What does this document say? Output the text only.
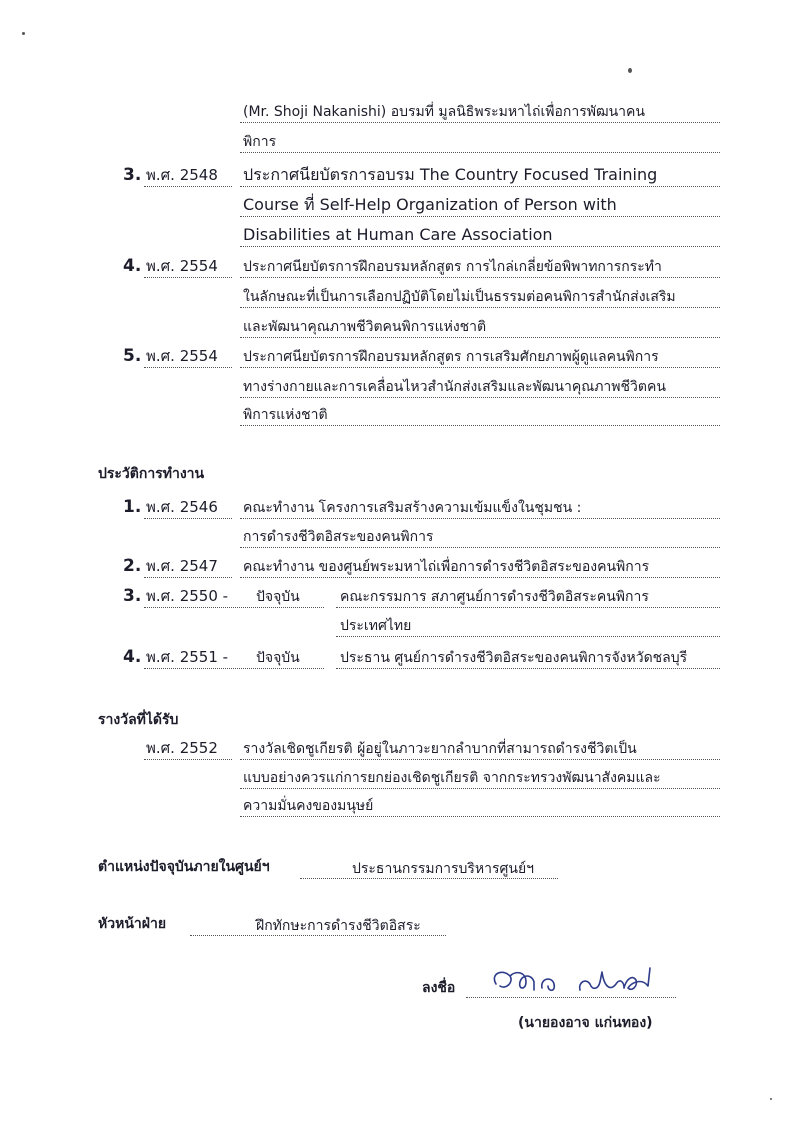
(Mr. Shoji Nakanishi) อบรมที่ มูลนิธิพระมหาไถ่เพื่อการพัฒนาคน
พิการ
3. พ.ศ. 2548 ประกาศนียบัตรการอบรม The Country Focused Training
Course ที่ Self-Help Organization of Person with
Disabilities at Human Care Association
4. พ.ศ. 2554 ประกาศนียบัตรการฝึกอบรมหลักสูตร การไกล่เกลี่ยข้อพิพาทการกระทำ
ในลักษณะที่เป็นการเลือกปฏิบัติโดยไม่เป็นธรรมต่อคนพิการสำนักส่งเสริม
และพัฒนาคุณภาพชีวิตคนพิการแห่งชาติ
5. พ.ศ. 2554 ประกาศนียบัตรการฝึกอบรมหลักสูตร การเสริมศักยภาพผู้ดูแลคนพิการ
ทางร่างกายและการเคลื่อนไหวสำนักส่งเสริมและพัฒนาคุณภาพชีวิตคน
พิการแห่งชาติ
ประวัติการทำงาน
1. พ.ศ. 2546 คณะทำงาน โครงการเสริมสร้างความเข้มแข็งในชุมชน :
การดำรงชีวิตอิสระของคนพิการ
2. พ.ศ. 2547 คณะทำงาน ของศูนย์พระมหาไถ่เพื่อการดำรงชีวิตอิสระของคนพิการ
3. พ.ศ. 2550 - ปัจจุบัน	คณะกรรมการ สภาศูนย์การดำรงชีวิตอิสระคนพิการ
ประเทศไทย
4. พ.ศ. 2551 - ปัจจุบัน	ประธาน ศูนย์การดำรงชีวิตอิสระของคนพิการจังหวัดชลบุรี
รางวัลที่ได้รับ
พ.ศ. 2552 รางวัลเชิดชูเกียรติ ผู้อยู่ในภาวะยากลำบากที่สามารถดำรงชีวิตเป็น
แบบอย่างควรแก่การยกย่องเชิดชูเกียรติ จากกระทรวงพัฒนาสังคมและ
ความมั่นคงของมนุษย์
ตำแหน่งปัจจุบันภายในศูนย์ฯ	ประธานกรรมการบริหารศูนย์ฯ
หัวหน้าฝ่าย	ฝึกทักษะการดำรงชีวิตอิสระ
ลงชื่อ
(นายองอาจ แก่นทอง)
